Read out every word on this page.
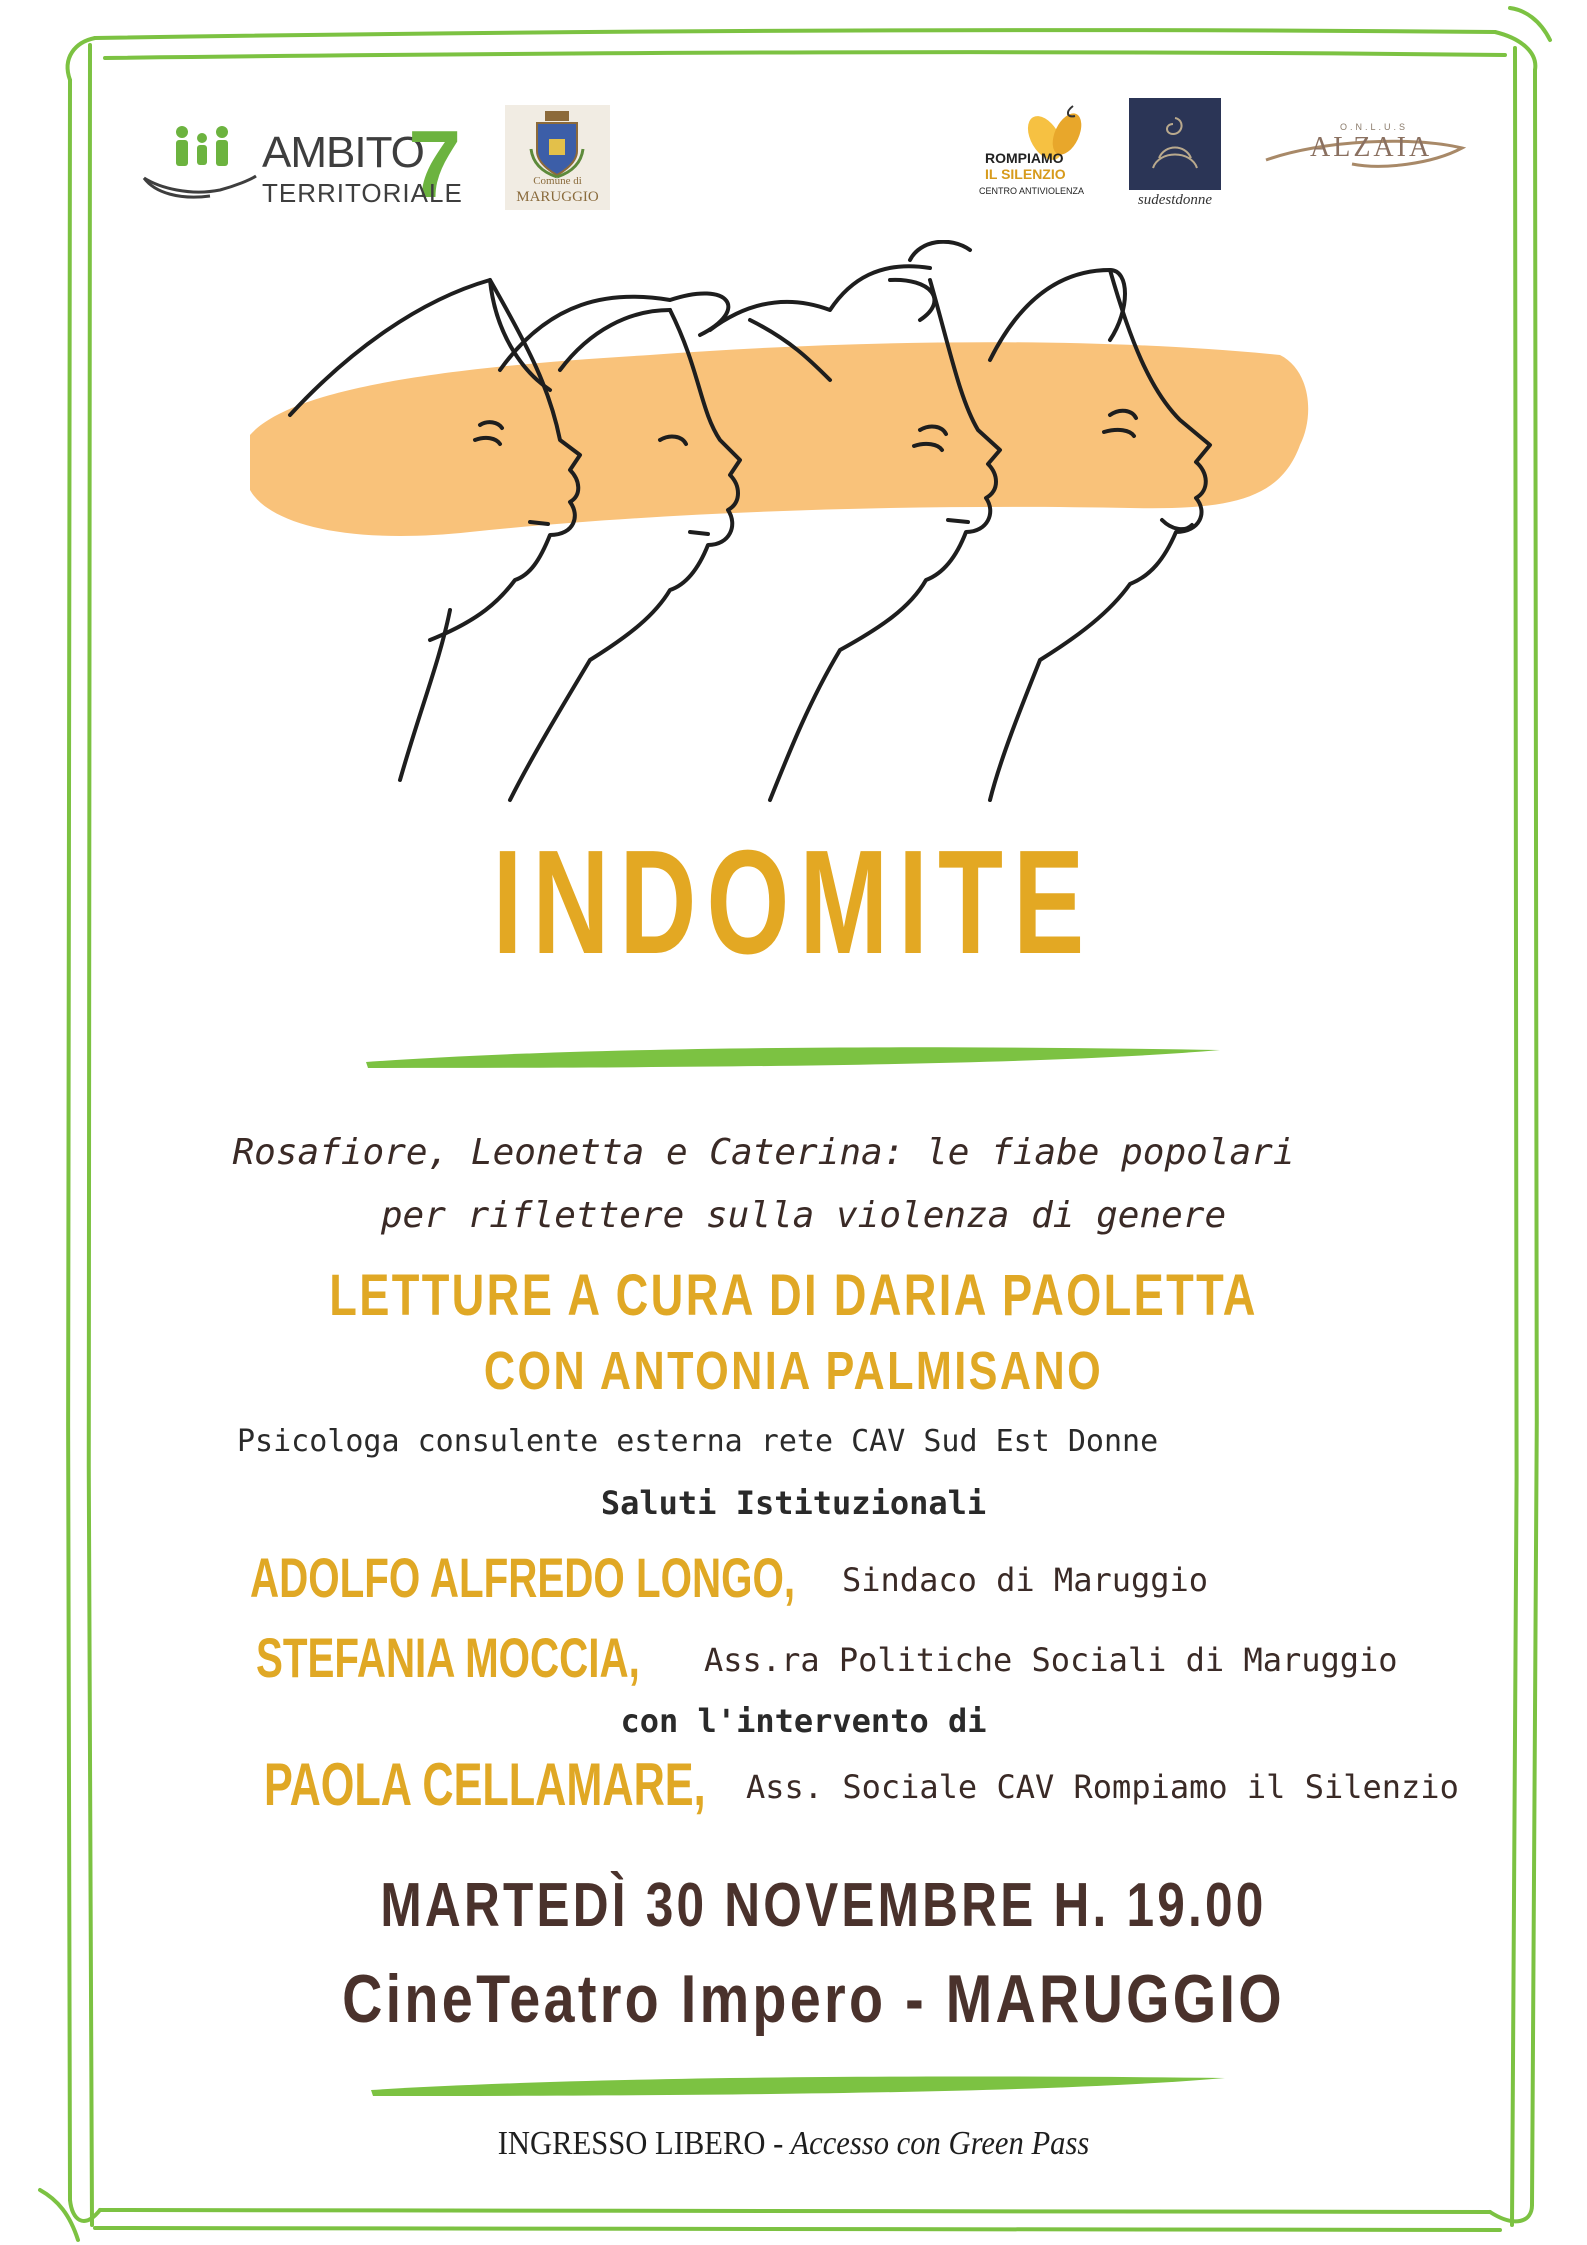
AMBITO
7
TERRITORIALE	Comune di
MARUGGIO
ROMPIAMO
IL SILENZIO
CENTRO ANTIVIOLENZA
sudestdonne
O.N.L.U.S
ALZAIA
INDOMITE
Rosafiore, Leonetta e Caterina: le fiabe popolari
per riflettere sulla violenza di genere
LETTURE A CURA DI DARIA PAOLETTA
CON ANTONIA PALMISANO
Psicologa consulente esterna rete CAV Sud Est Donne
Saluti Istituzionali
ADOLFO ALFREDO LONGO, Sindaco di Maruggio
STEFANIA MOCCIA, Ass.ra Politiche Sociali di Maruggio
con l'intervento di
PAOLA CELLAMARE, Ass. Sociale CAV Rompiamo il Silenzio
MARTEDÌ 30 NOVEMBRE H. 19.00
CineTeatro Impero - MARUGGIO
INGRESSO LIBERO - Accesso con Green Pass
